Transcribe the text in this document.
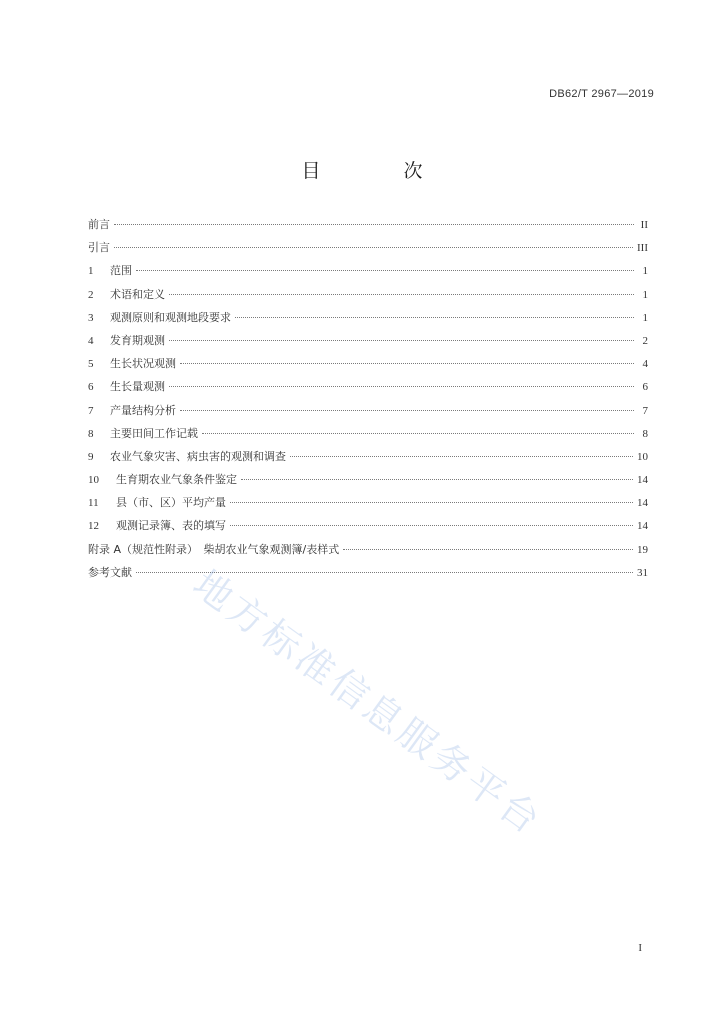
DB62/T 2967—2019
目　次
前言	II
引言	III
1	范围	1
2	术语和定义	1
3	观测原则和观测地段要求	1
4	发育期观测	2
5	生长状况观测	4
6	生长量观测	6
7	产量结构分析	7
8	主要田间工作记载	8
9	农业气象灾害、病虫害的观测和调查	10
10	生育期农业气象条件鉴定	14
11	县（市、区）平均产量	14
12	观测记录簿、表的填写	14
附录 A（规范性附录）　柴胡农业气象观测簿/表样式	19
参考文献	31
地方标准信息服务平台
I
